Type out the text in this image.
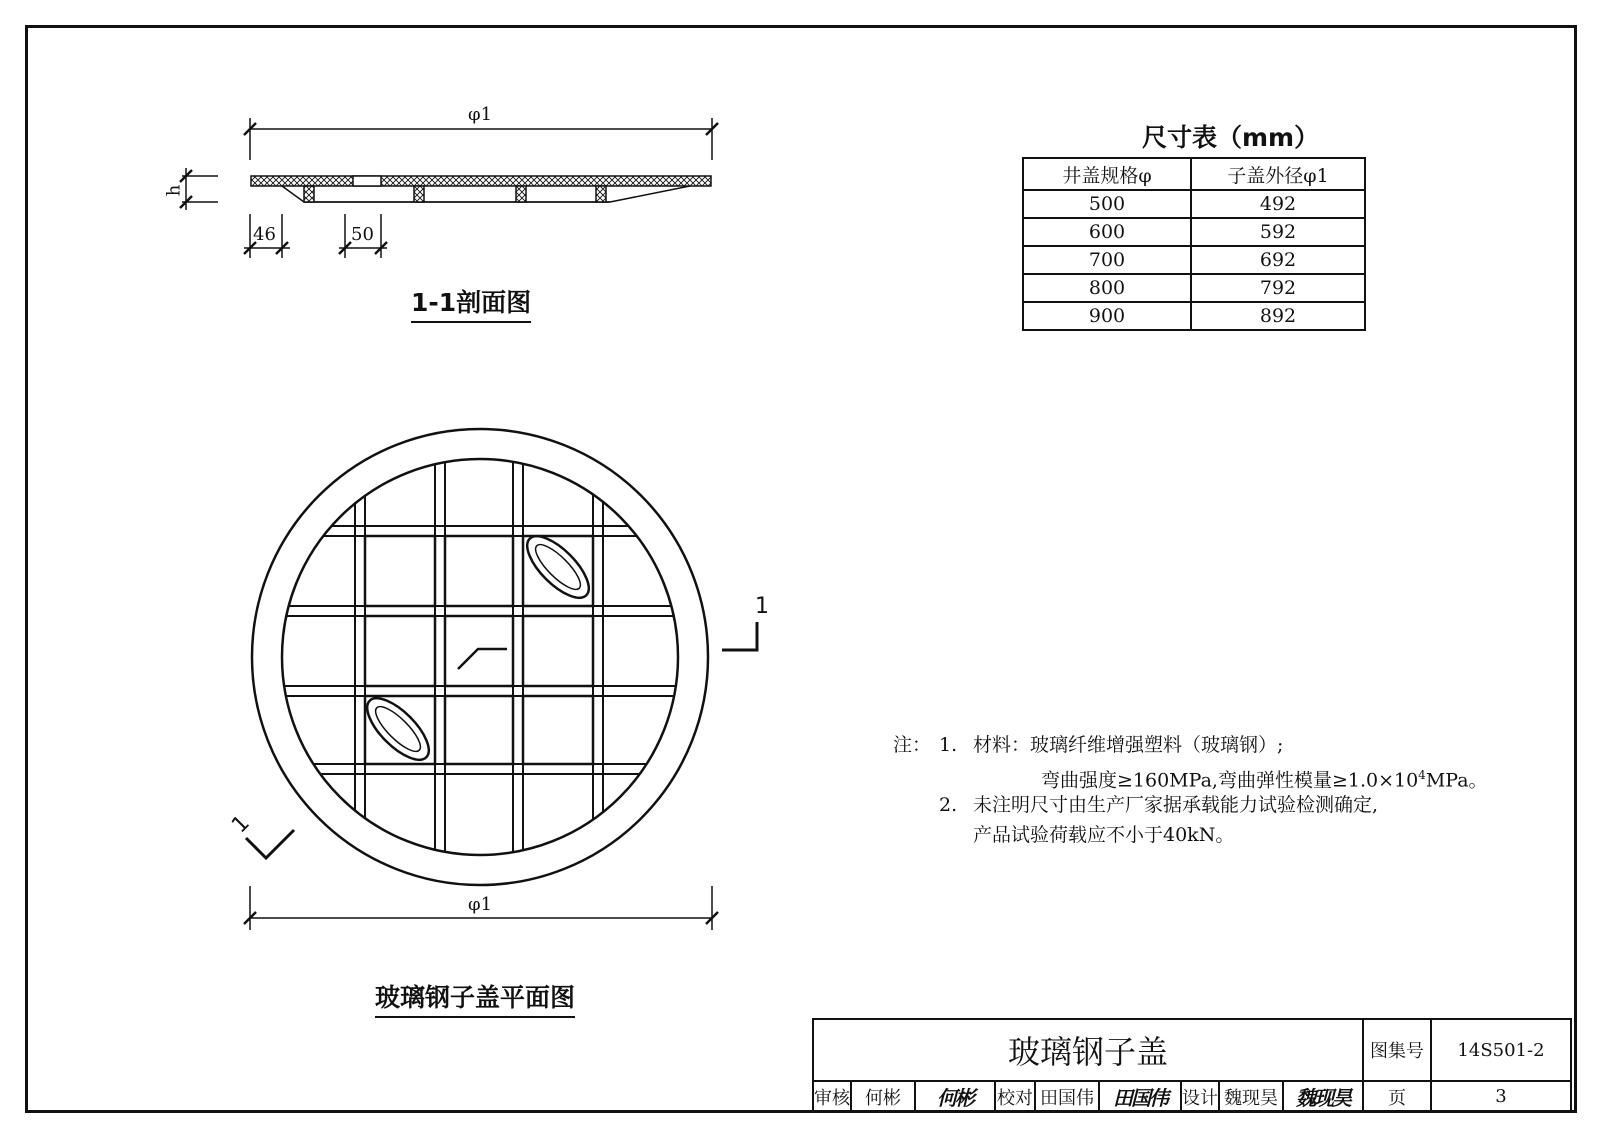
φ1
h
46	50
1-1剖面图
1
1
φ1
玻璃钢子盖平面图
尺寸表（mm）
井盖规格φ	子盖外径φ1
500	492
600	592
700	692
800	792
900	892
注： 1. 材料：玻璃纤维增强塑料（玻璃钢）;
弯曲强度≥160MPa,弯曲弹性模量$\ge 1.0\times 10^4MPa$。
2. 未注明尺寸由生产厂家据承载能力试验检测确定,
产品试验荷载应不小于40kN。
玻璃钢子盖									图集号	14S501-2
审核	何彬	何彬	校对	田国伟	田国伟	设计	魏现昊	魏现昊	页	3
